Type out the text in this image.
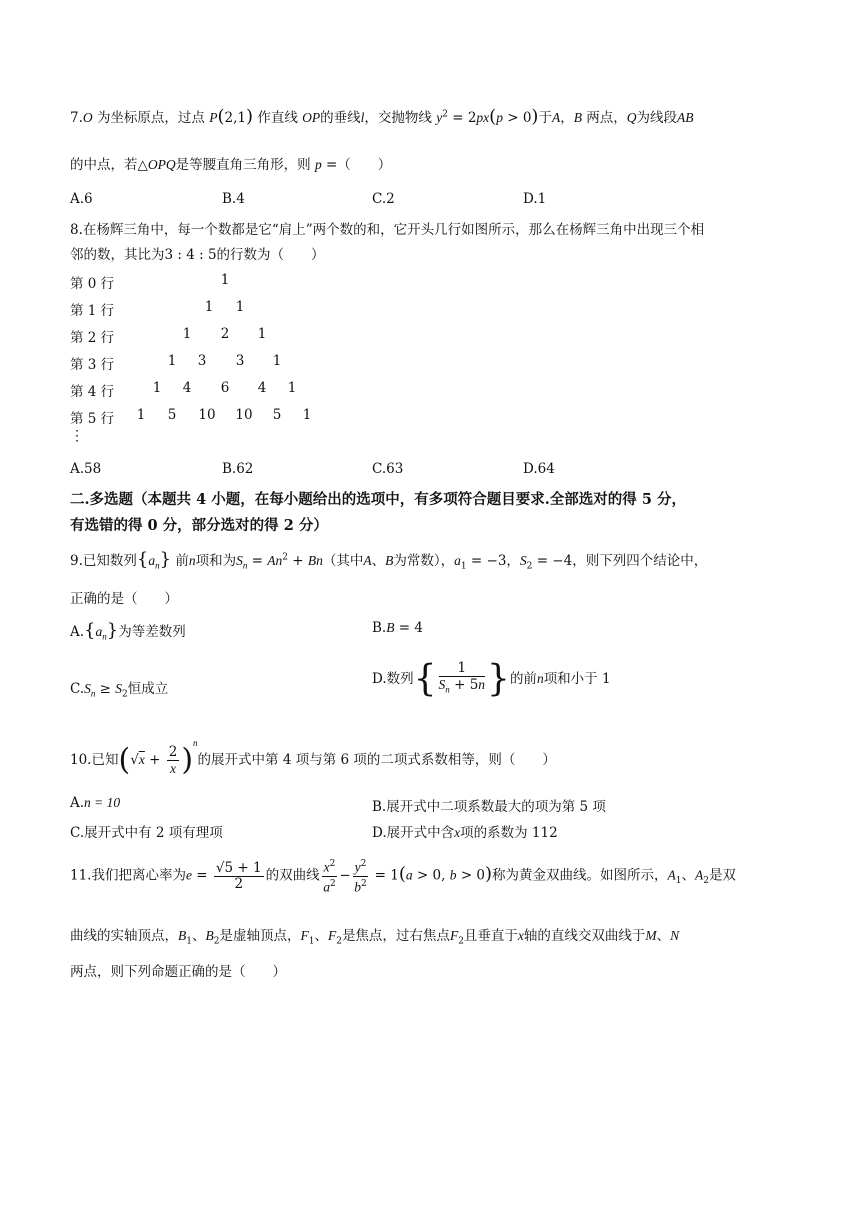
7.O 为坐标原点，过点 P(2,1) 作直线 OP的垂线l，交抛物线 $y^2 = 2px(p > 0)$于A，B 两点，Q为线段AB
的中点，若△OPQ是等腰直角三角形，则 p =（　　）
A.6	B.4	C.2	D.1
8.在杨辉三角中，每一个数都是它“肩上”两个数的和，它开头几行如图所示，那么在杨辉三角中出现三个相
邻的数，其比为3 : 4 : 5的行数为（　　）
第 0 行	1
第 1 行	1	1
第 2 行	1	2	1
第 3 行	1	3	3	1
第 4 行	1	4	6	4	1
第 5 行	1	5	10 10	5	1
⋮
A.58	B.62	C.63	D.64
二.多选题（本题共 4 小题，在每小题给出的选项中，有多项符合题目要求.全部选对的得 5 分，
有选错的得 0 分，部分选对的得 2 分）
9.已知数列$\{a_n\}$ 前n项和为$S_n = An^2 + Bn$（其中A、B为常数），$a_1 = -3$，$S_2 = -4$，则下列四个结论中，
正确的是（　　）
$A.\{a_n\}$为等差数列	B.B = 4
$C.S_n \ge S_2$恒成立
D.数列{ $\frac{1}{S_n + 5n}$ }的前n项和小于 1
10.已知$(√x + \frac{2}{x} )^n$的展开式中第 4 项与第 6 项的二项式系数相等，则（　　）
A.n = 10	B.展开式中二项系数最大的项为第 5 项
C.展开式中有 2 项有理项	D.展开式中含x项的系数为 112
11.我们把离心率为$e = \frac{√5 + 1}{2}$ 的双曲线 $\frac{x^2}{a^2} - \frac{y^2}{b^2} = 1(a > 0$, b > 0)称为黄金双曲线。如图所示，$A_1$、$A_2$是双
曲线的实轴顶点，$B_1$、$B_2$是虚轴顶点，$F_1$、$F_2$是焦点，过右焦点$F_2$且垂直于x轴的直线交双曲线于M、N
两点，则下列命题正确的是（　　）
